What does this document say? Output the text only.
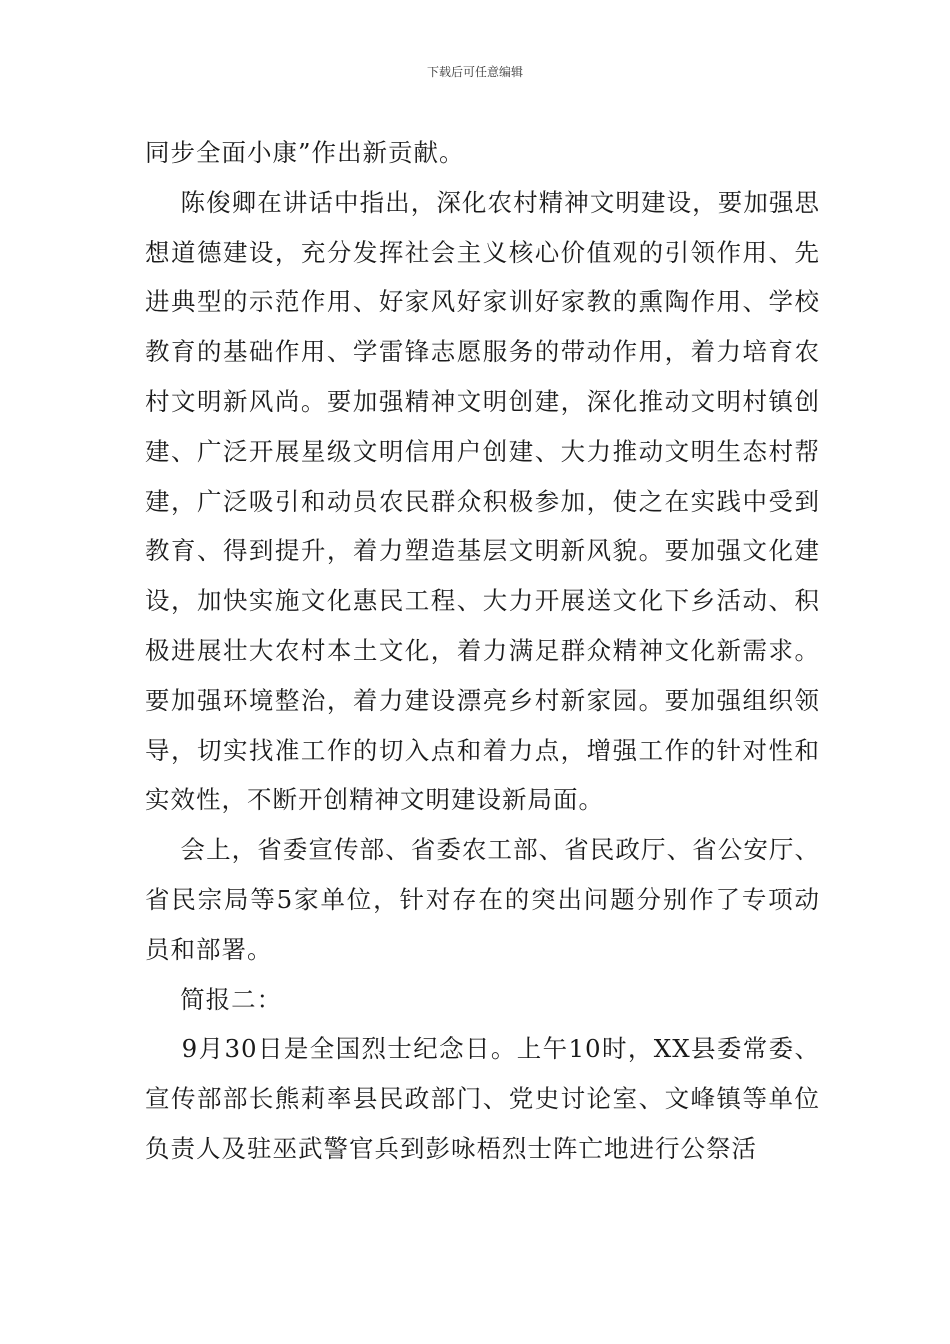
下载后可任意编辑

同步全面小康”作出新贡献。

陈俊卿在讲话中指出，深化农村精神文明建设，要加强思想道德建设，充分发挥社会主义核心价值观的引领作用、先进典型的示范作用、好家风好家训好家教的熏陶作用、学校教育的基础作用、学雷锋志愿服务的带动作用，着力培育农村文明新风尚。要加强精神文明创建，深化推动文明村镇创建、广泛开展星级文明信用户创建、大力推动文明生态村帮建，广泛吸引和动员农民群众积极参加，使之在实践中受到教育、得到提升，着力塑造基层文明新风貌。要加强文化建设，加快实施文化惠民工程、大力开展送文化下乡活动、积极进展壮大农村本土文化，着力满足群众精神文化新需求。要加强环境整治，着力建设漂亮乡村新家园。要加强组织领导，切实找准工作的切入点和着力点，增强工作的针对性和实效性，不断开创精神文明建设新局面。

会上，省委宣传部、省委农工部、省民政厅、省公安厅、省民宗局等5家单位，针对存在的突出问题分别作了专项动员和部署。

简报二：

9月30日是全国烈士纪念日。上午10时，XX县委常委、宣传部部长熊莉率县民政部门、党史讨论室、文峰镇等单位负责人及驻巫武警官兵到彭咏梧烈士阵亡地进行公祭活
